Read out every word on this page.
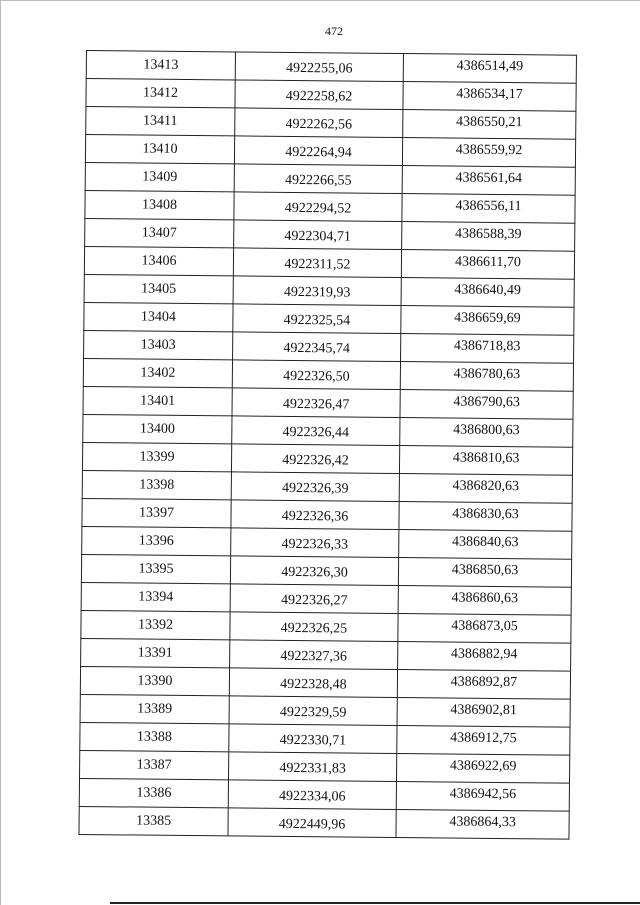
472
13413	4922255,06	4386514,49
13412	4922258,62	4386534,17
13411	4922262,56	4386550,21
13410	4922264,94	4386559,92
13409	4922266,55	4386561,64
13408	4922294,52	4386556,11
13407	4922304,71	4386588,39
13406	4922311,52	4386611,70
13405	4922319,93	4386640,49
13404	4922325,54	4386659,69
13403	4922345,74	4386718,83
13402	4922326,50	4386780,63
13401	4922326,47	4386790,63
13400	4922326,44	4386800,63
13399	4922326,42	4386810,63
13398	4922326,39	4386820,63
13397	4922326,36	4386830,63
13396	4922326,33	4386840,63
13395	4922326,30	4386850,63
13394	4922326,27	4386860,63
13392	4922326,25	4386873,05
13391	4922327,36	4386882,94
13390	4922328,48	4386892,87
13389	4922329,59	4386902,81
13388	4922330,71	4386912,75
13387	4922331,83	4386922,69
13386	4922334,06	4386942,56
13385	4922449,96	4386864,33
